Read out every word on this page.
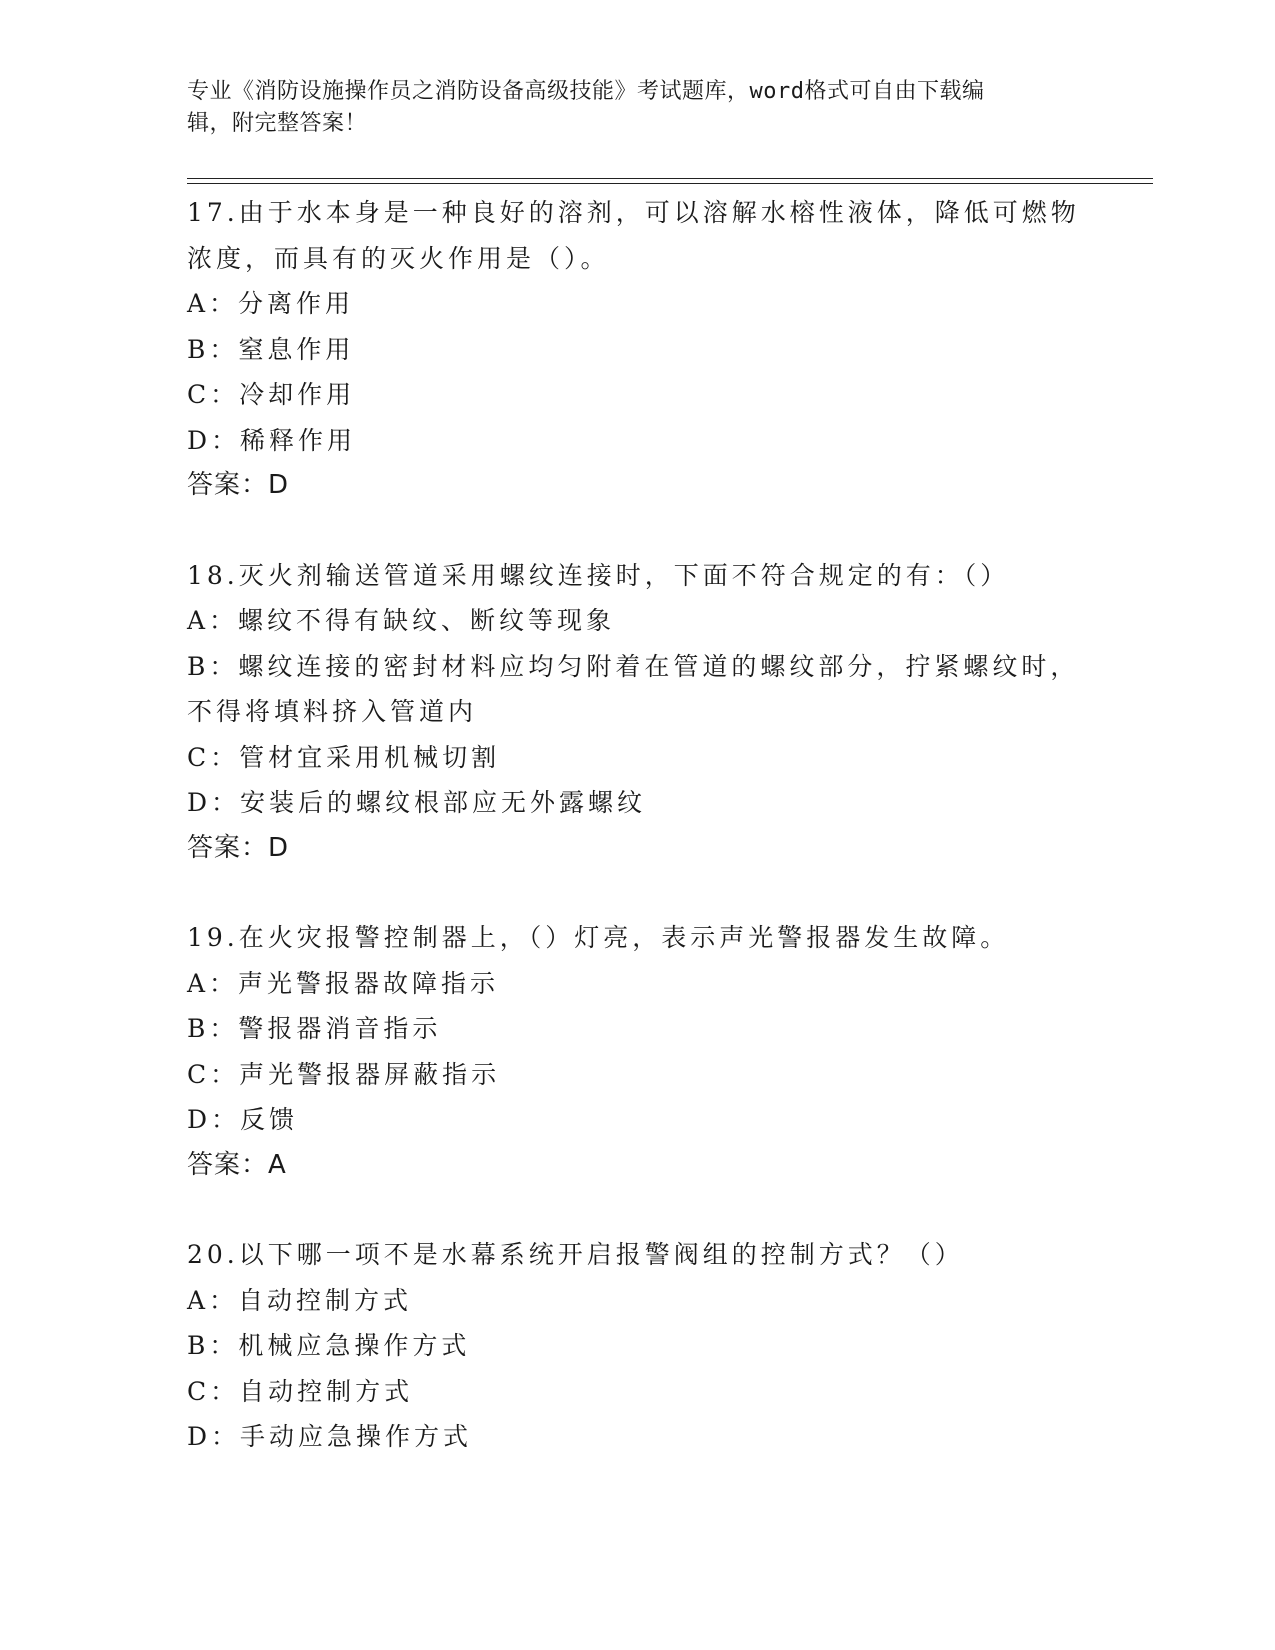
专业《消防设施操作员之消防设备高级技能》考试题库，word格式可自由下载编
辑，附完整答案！
17.由于水本身是一种良好的溶剂，可以溶解水榕性液体，降低可燃物
浓度，而具有的灭火作用是（）。
A：分离作用
B：窒息作用
C：冷却作用
D：稀释作用
答案：D
18.灭火剂输送管道采用螺纹连接时，下面不符合规定的有：（）
A：螺纹不得有缺纹、断纹等现象
B：螺纹连接的密封材料应均匀附着在管道的螺纹部分，拧紧螺纹时，
不得将填料挤入管道内
C：管材宜采用机械切割
D：安装后的螺纹根部应无外露螺纹
答案：D
19.在火灾报警控制器上，（）灯亮，表示声光警报器发生故障。
A：声光警报器故障指示
B：警报器消音指示
C：声光警报器屏蔽指示
D：反馈
答案：A
20.以下哪一项不是水幕系统开启报警阀组的控制方式？（）
A：自动控制方式
B：机械应急操作方式
C：自动控制方式
D：手动应急操作方式
